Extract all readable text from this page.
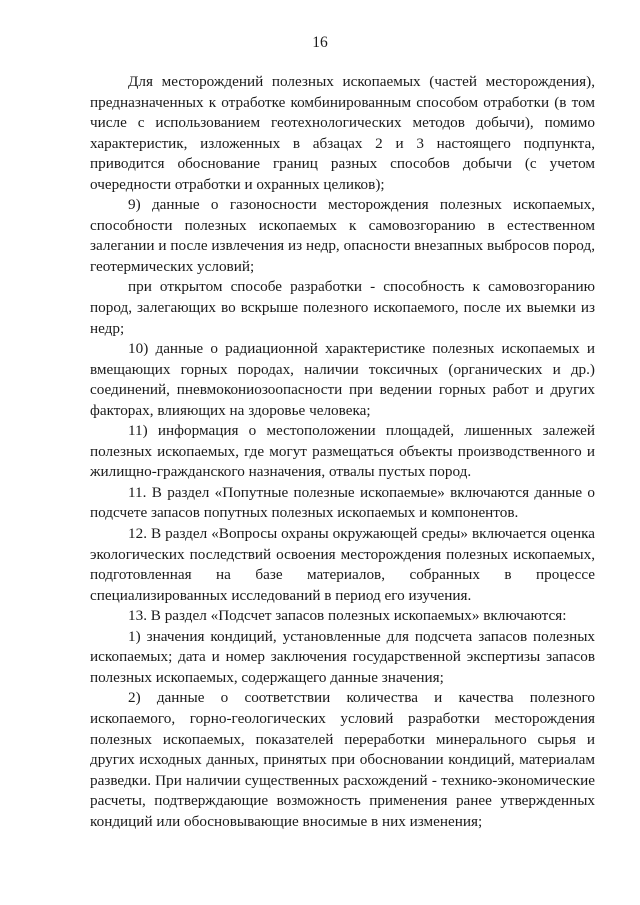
16

Для месторождений полезных ископаемых (частей месторождения), предназначенных к отработке комбинированным способом отработки (в том числе с использованием геотехнологических методов добычи), помимо характеристик, изложенных в абзацах 2 и 3 настоящего подпункта, приводится обоснование границ разных способов добычи (с учетом очередности отработки и охранных целиков);

9) данные о газоносности месторождения полезных ископаемых, способности полезных ископаемых к самовозгоранию в естественном залегании и после извлечения из недр, опасности внезапных выбросов пород, геотермических условий;

при открытом способе разработки - способность к самовозгоранию пород, залегающих во вскрыше полезного ископаемого, после их выемки из недр;

10) данные о радиационной характеристике полезных ископаемых и вмещающих горных породах, наличии токсичных (органических и др.) соединений, пневмокониозоопасности при ведении горных работ и других факторах, влияющих на здоровье человека;

11) информация о местоположении площадей, лишенных залежей полезных ископаемых, где могут размещаться объекты производственного и жилищно-гражданского назначения, отвалы пустых пород.

11. В раздел «Попутные полезные ископаемые» включаются данные о подсчете запасов попутных полезных ископаемых и компонентов.

12. В раздел «Вопросы охраны окружающей среды» включается оценка экологических последствий освоения месторождения полезных ископаемых, подготовленная на базе материалов, собранных в процессе специализированных исследований в период его изучения.

13. В раздел «Подсчет запасов полезных ископаемых» включаются:

1) значения кондиций, установленные для подсчета запасов полезных ископаемых; дата и номер заключения государственной экспертизы запасов полезных ископаемых, содержащего данные значения;

2) данные о соответствии количества и качества полезного ископаемого, горно-геологических условий разработки месторождения полезных ископаемых, показателей переработки минерального сырья и других исходных данных, принятых при обосновании кондиций, материалам разведки. При наличии существенных расхождений - технико-экономические расчеты, подтверждающие возможность применения ранее утвержденных кондиций или обосновывающие вносимые в них изменения;
